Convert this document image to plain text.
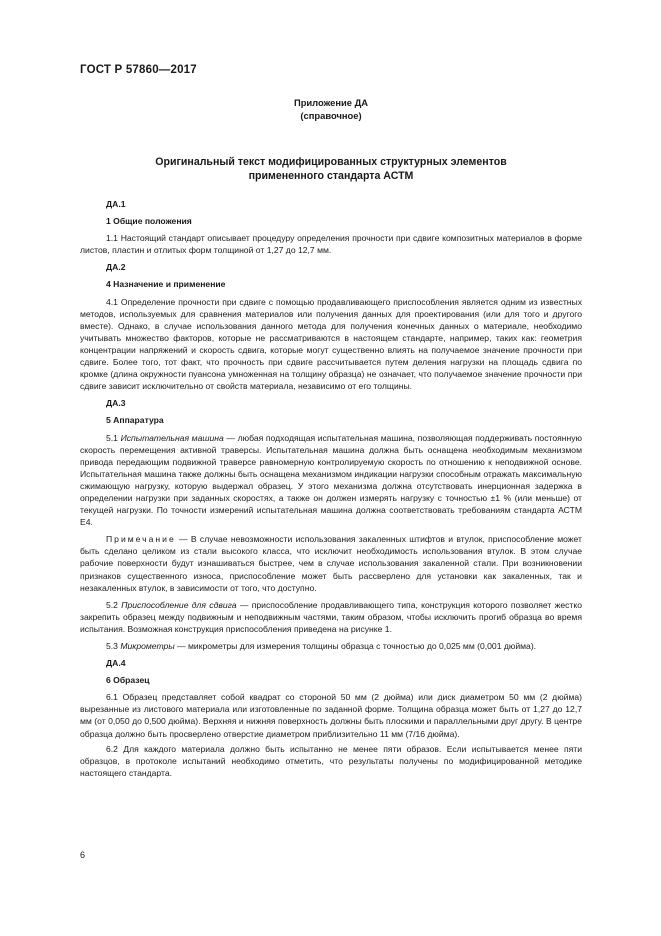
ГОСТ Р 57860—2017
Приложение ДА
(справочное)
Оригинальный текст модифицированных структурных элементов
примененного стандарта АСТМ
ДА.1
1 Общие положения

1.1 Настоящий стандарт описывает процедуру определения прочности при сдвиге композитных материалов в форме листов, пластин и отлитых форм толщиной от 1,27 до 12,7 мм.

ДА.2
4 Назначение и применение

4.1 Определение прочности при сдвиге с помощью продавливающего приспособления является одним из известных методов, используемых для сравнения материалов или получения данных для проектирования (или для того и другого вместе). Однако, в случае использования данного метода для получения конечных данных о материале, необходимо учитывать множество факторов, которые не рассматриваются в настоящем стандарте, например, таких как: геометрия концентрации напряжений и скорость сдвига, которые могут существенно влиять на получаемое значение прочности при сдвиге. Более того, тот факт, что прочность при сдвиге рассчитывается путем деления нагрузки на площадь сдвига по кромке (длина окружности пуансона умноженная на толщину образца) не означает, что получаемое значение прочности при сдвиге зависит исключительно от свойств материала, независимо от его толщины.

ДА.3
5 Аппаратура

5.1 Испытательная машина — любая подходящая испытательная машина, позволяющая поддерживать постоянную скорость перемещения активной траверсы. Испытательная машина должна быть оснащена необходимым механизмом привода передающим подвижной траверсе равномерную контролируемую скорость по отношению к неподвижной основе. Испытательная машина также должны быть оснащена механизмом индикации нагрузки способным отражать максимальную сжимающую нагрузку, которую выдержал образец. У этого механизма должна отсутствовать инерционная задержка в определении нагрузки при заданных скоростях, а также он должен измерять нагрузку с точностью ±1 % (или меньше) от текущей нагрузки. По точности измерений испытательная машина должна соответствовать требованиям стандарта АСТМ Е4.

Примечание — В случае невозможности использования закаленных штифтов и втулок, приспособление может быть сделано целиком из стали высокого класса, что исключит необходимость использования втулок. В этом случае рабочие поверхности будут изнашиваться быстрее, чем в случае использования закаленной стали. При возникновении признаков существенного износа, приспособление может быть рассверлено для установки как закаленных, так и незакаленных втулок, в зависимости от того, что доступно.

5.2 Приспособление для сдвига — приспособление продавливающего типа, конструкция которого позволяет жестко закрепить образец между подвижным и неподвижным частями, таким образом, чтобы исключить прогиб образца во время испытания. Возможная конструкция приспособления приведена на рисунке 1.

5.3 Микрометры — микрометры для измерения толщины образца с точностью до 0,025 мм (0,001 дюйма).

ДА.4
6 Образец

6.1 Образец представляет собой квадрат со стороной 50 мм (2 дюйма) или диск диаметром 50 мм (2 дюйма) вырезанные из листового материала или изготовленные по заданной форме. Толщина образца может быть от 1,27 до 12,7 мм (от 0,050 до 0,500 дюйма). Верхняя и нижняя поверхность должны быть плоскими и параллельными друг другу. В центре образца должно быть просверлено отверстие диаметром приблизительно 11 мм (7/16 дюйма).

6.2 Для каждого материала должно быть испытанно не менее пяти образов. Если испытывается менее пяти образцов, в протоколе испытаний необходимо отметить, что результаты получены по модифицированной методике настоящего стандарта.

6
